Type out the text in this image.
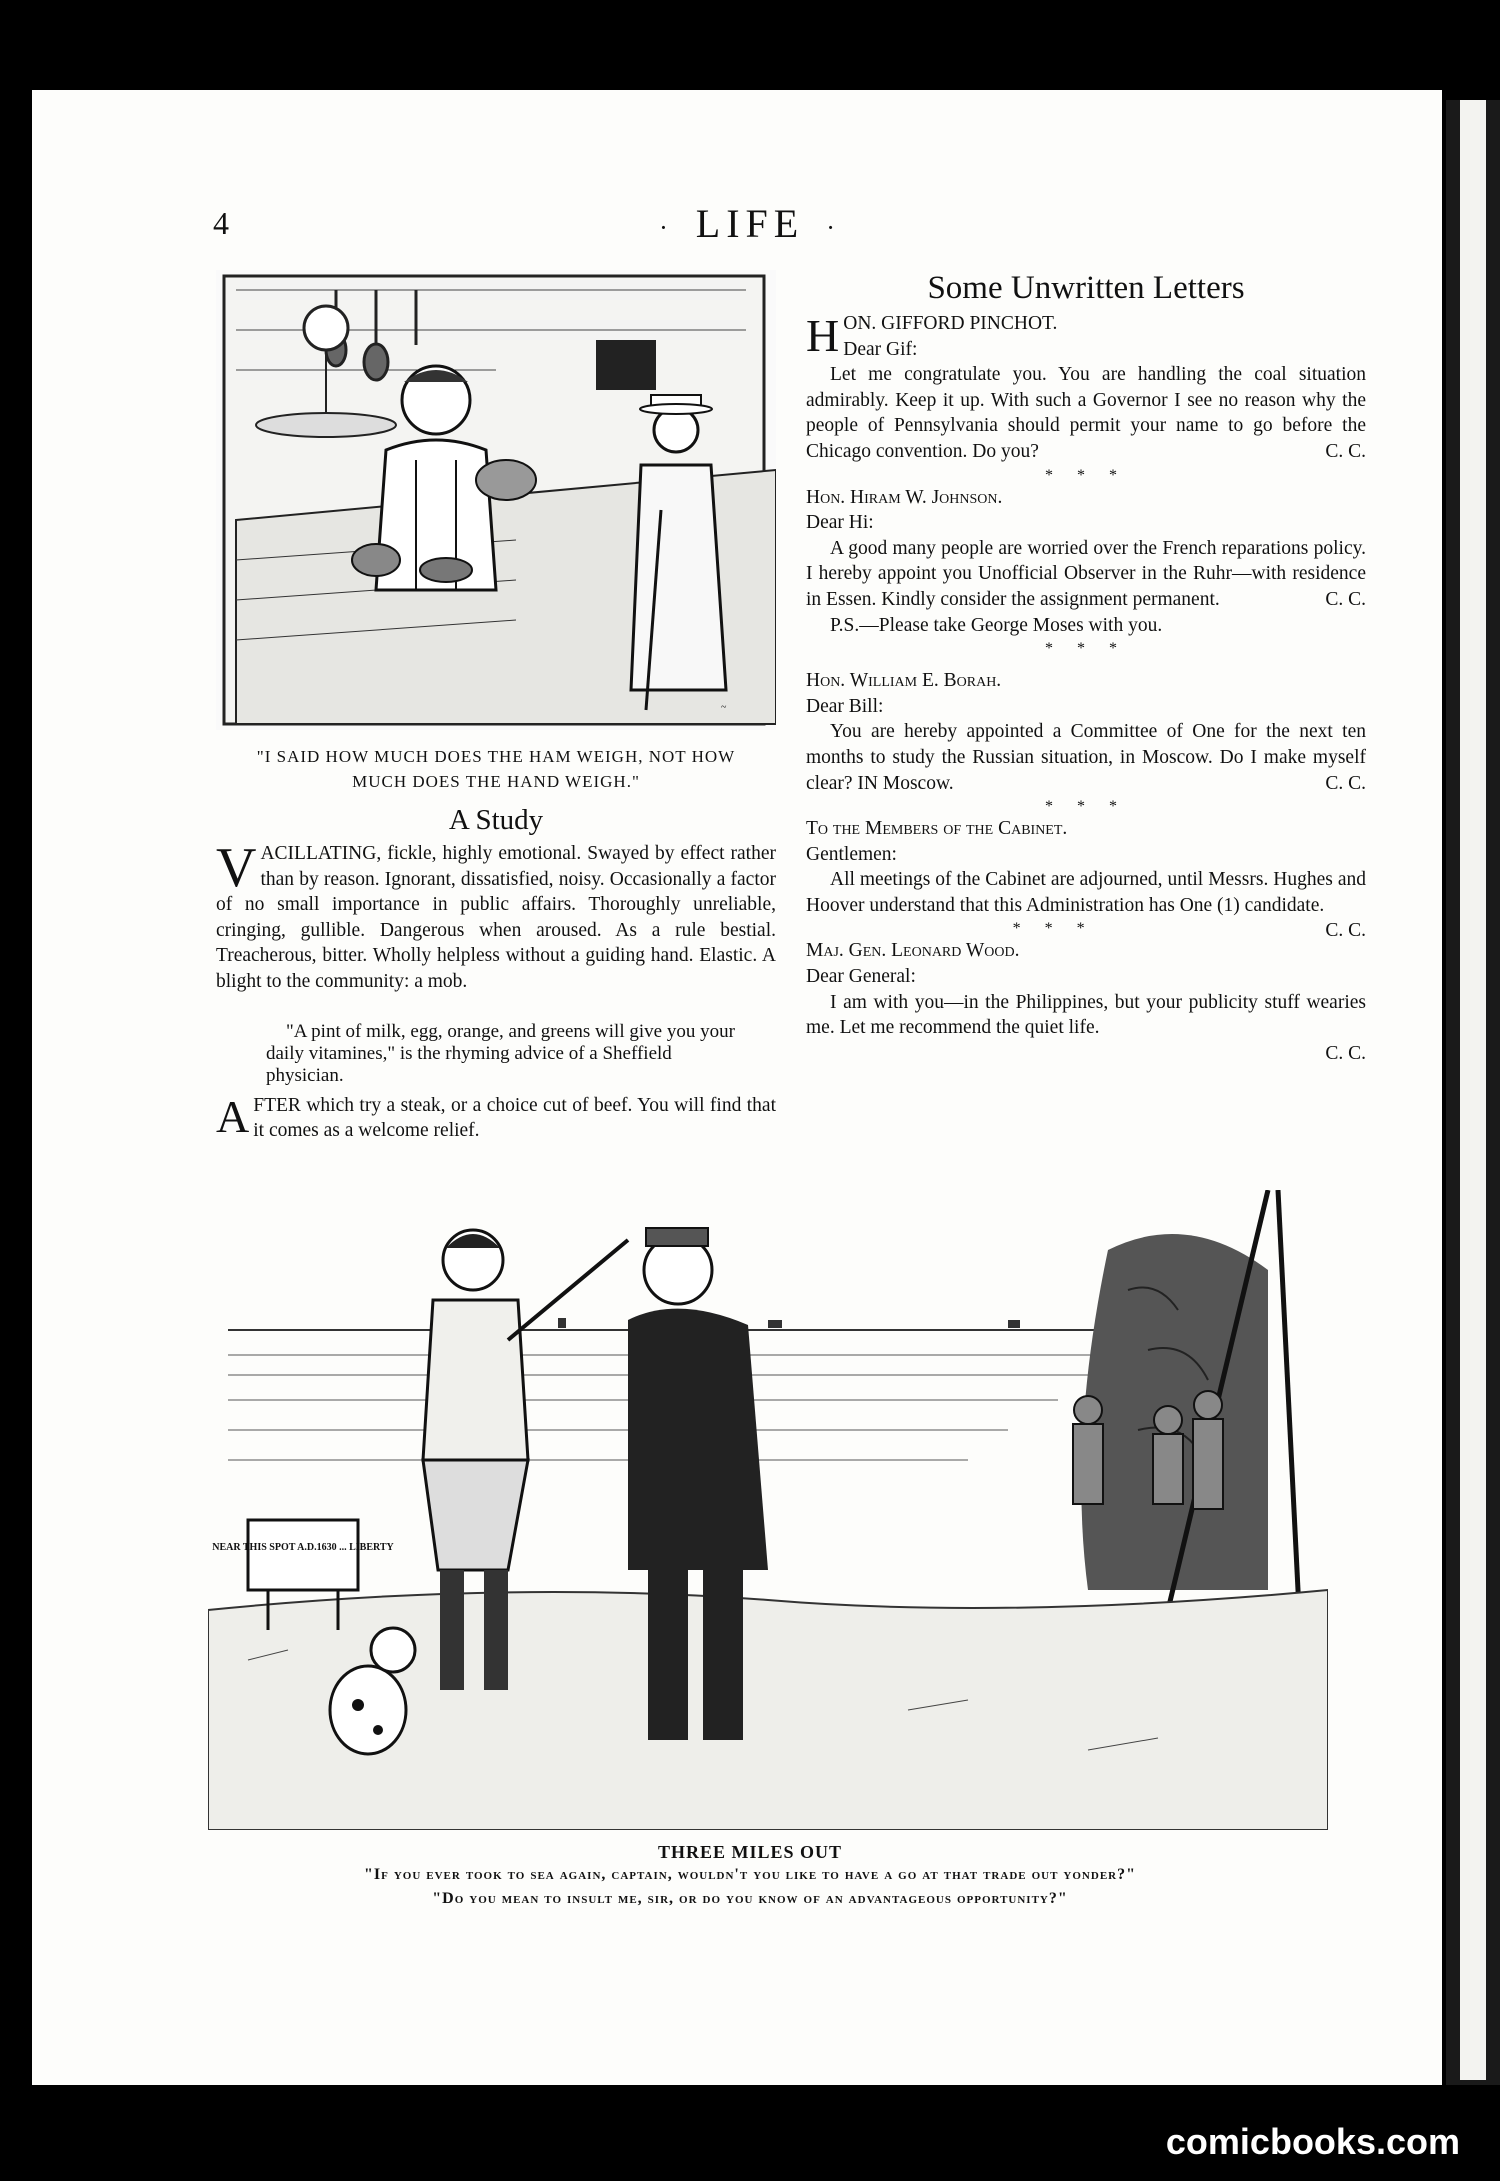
4	· LIFE ·
~
"I SAID HOW MUCH DOES THE HAM WEIGH, NOT HOW
MUCH DOES THE HAND WEIGH."
A Study

VACILLATING, fickle, highly emotional. Swayed by effect rather than by reason. Ignorant, dissatisfied, noisy. Occasionally a factor of no small importance in public affairs. Thoroughly unreliable, cringing, gullible. Dangerous when aroused. As a rule bestial. Treacherous, bitter. Wholly helpless without a guiding hand. Elastic. A blight to the community: a mob.

"A pint of milk, egg, orange, and greens will give you your daily vitamines," is the rhyming advice of a Sheffield physician.

AFTER which try a steak, or a choice cut of beef. You will find that it comes as a welcome relief.

Some Unwritten Letters

HON. GIFFORD PINCHOT.

Dear Gif:

Let me congratulate you. You are handling the coal situation admirably. Keep it up. With such a Governor I see no reason why the people of Pennsylvania should permit your name to go before the Chicago convention. Do you?	C. C.

* * *

Hon. Hiram W. Johnson.

Dear Hi:

A good many people are worried over the French reparations policy. I hereby appoint you Unofficial Observer in the Ruhr—with residence in Essen. Kindly consider the assignment permanent.	C. C.

P.S.—Please take George Moses with you.

* * *

Hon. William E. Borah.

Dear Bill:

You are hereby appointed a Committee of One for the next ten months to study the Russian situation, in Moscow. Do I make myself clear? IN Moscow.	C. C.

* * *

To the Members of the Cabinet.

Gentlemen:

All meetings of the Cabinet are adjourned, until Messrs. Hughes and Hoover understand that this Administration has One (1) candidate.
C. C.

* * *

Maj. Gen. Leonard Wood.

Dear General:

I am with you—in the Philippines, but your publicity stuff wearies me. Let me recommend the quiet life.

C. C.

NEAR THIS SPOT A.D.1630 ... LIBERTY
THREE MILES OUT
"If you ever took to sea again, captain, wouldn't you like to have a go at that trade out yonder?"
"Do you mean to insult me, sir, or do you know of an advantageous opportunity?"
comicbooks.com
